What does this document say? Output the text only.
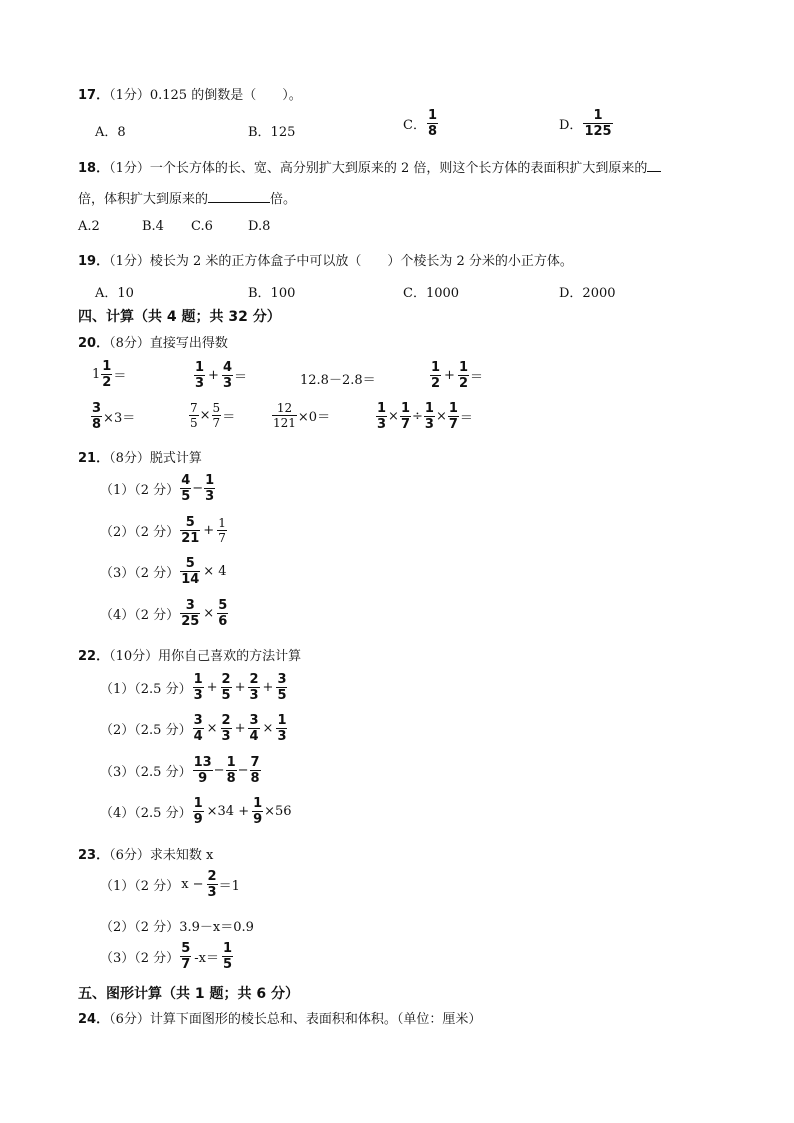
17．（1分）0.125 的倒数是（　　）。
A．8	B．125	C． $\frac{1}{8}$	D． $\frac{1}{125}$
18．（1分）一个长方体的长、宽、高分别扩大到原来的 2 倍，则这个长方体的表面积扩大到原来的
倍，体积扩大到原来的	倍。
A.2	B.4 C.6	D.8
19．（1分）棱长为 2 米的正方体盒子中可以放（　　）个棱长为 2 分米的小正方体。
A．10	B．100	C．1000	D．2000
四、计算（共 4 题；共 32 分）
20．（8分）直接写出得数
$1 \frac{1}{2}$ ＝	$\frac{1}{3} + \frac{4}{3}$ ＝	12.8－2.8＝	$\frac{1}{2} + \frac{1}{2}$ ＝
$\frac{3}{8} \times 3=$	$\frac{7}{5} \times \frac{5}{7}$ ＝	$\frac{12}{121} \times 0=$	$\frac{1}{3} \times \frac{1}{7} \div \frac{1}{3} \times \frac{1}{7}$ ＝
21．（8分）脱式计算
（1）（2 分） $\frac{4}{5} - \frac{1}{3}$
（2）（2 分） $\frac{5}{21} + \frac{1}{7}$
（3）（2 分） $\frac{5}{14} \times 4$
（4）（2 分） $\frac{3}{25} \times \frac{5}{6}$
22．（10分）用你自己喜欢的方法计算
（1）（2.5 分） $\frac{1}{3} + \frac{2}{5} + \frac{2}{3} + \frac{3}{5}$
（2）（2.5 分） $\frac{3}{4} \times \frac{2}{3} + \frac{3}{4} \times \frac{1}{3}$
（3）（2.5 分） $\frac{13}{9} - \frac{1}{8} - \frac{7}{8}$
（4）（2.5 分） $\frac{1}{9} \times 34 + \frac{1}{9} \times 56$
23．（6分）求未知数 x
（1）（2 分） $x - \frac{2}{3} =1$
（2）（2 分）3.9－x＝0.9
（3）（2 分） $\frac{5}{7} -x= \frac{1}{5}$
五、图形计算（共 1 题；共 6 分）
24．（6分）计算下面图形的棱长总和、表面积和体积。（单位：厘米）
